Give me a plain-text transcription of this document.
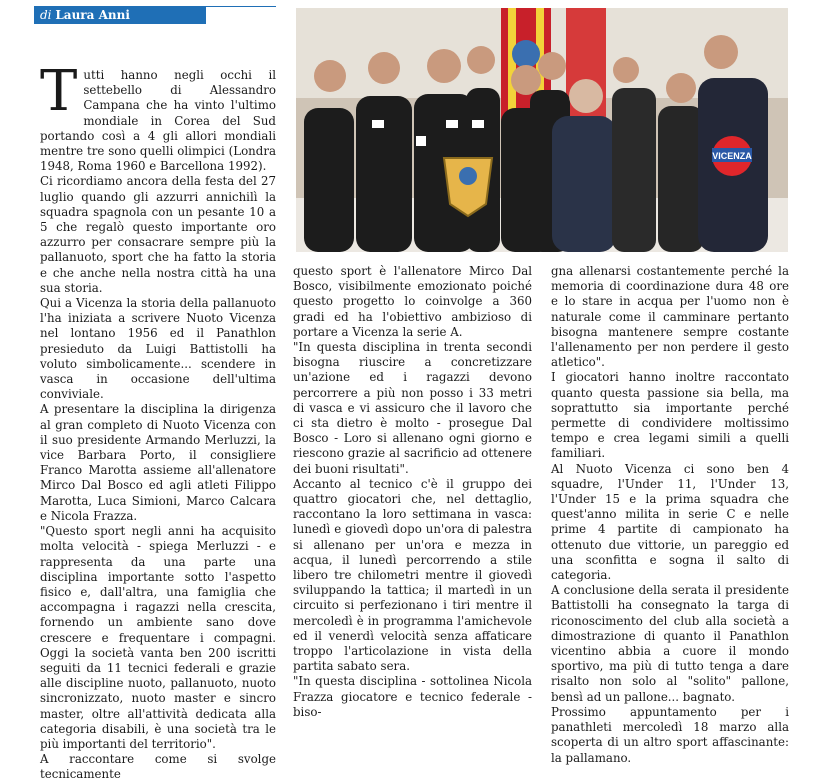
di Laura Anni

Tutti hanno negli occhi il settebello di Alessandro Campana che ha vinto l'ultimo mondiale in Corea del Sud portando così a 4 gli allori mondiali mentre tre sono quelli olimpici (Londra 1948, Roma 1960 e Barcellona 1992).

Ci ricordiamo ancora della festa del 27 luglio quando gli azzurri annichilì la squadra spagnola con un pesante 10 a 5 che regalò questo importante oro azzurro per consacrare sempre più la pallanuoto, sport che ha fatto la storia e che anche nella nostra città ha una sua storia.

Qui a Vicenza la storia della pallanuoto l'ha iniziata a scrivere Nuoto Vicenza nel lontano 1956 ed il Panathlon presieduto da Luigi Battistolli ha voluto simbolicamente... scendere in vasca in occasione dell'ultima conviviale.

A presentare la disciplina la dirigenza al gran completo di Nuoto Vicenza con il suo presidente Armando Merluzzi, la vice Barbara Porto, il consigliere Franco Marotta assieme all'allenatore Mirco Dal Bosco ed agli atleti Filippo Marotta, Luca Simioni, Marco Calcara e Nicola Frazza.

"Questo sport negli anni ha acquisito molta velocità - spiega Merluzzi - e rappresenta da una parte una disciplina importante sotto l'aspetto fisico e, dall'altra, una famiglia che accompagna i ragazzi nella crescita, fornendo un ambiente sano dove crescere e frequentare i compagni. Oggi la società vanta ben 200 iscritti seguiti da 11 tecnici federali e grazie alle discipline nuoto, pallanuoto, nuoto sincronizzato, nuoto master e sincro master, oltre all'attività dedicata alla categoria disabili, è una società tra le più importanti del territorio".

A raccontare come si svolge tecnicamente

questo sport è l'allenatore Mirco Dal Bosco, visibilmente emozionato poiché questo progetto lo coinvolge a 360 gradi ed ha l'obiettivo ambizioso di portare a Vicenza la serie A.

"In questa disciplina in trenta secondi bisogna riuscire a concretizzare un'azione ed i ragazzi devono percorrere a più non posso i 33 metri di vasca e vi assicuro che il lavoro che ci sta dietro è molto - prosegue Dal Bosco - Loro si allenano ogni giorno e riescono grazie al sacrificio ad ottenere dei buoni risultati".

Accanto al tecnico c'è il gruppo dei quattro giocatori che, nel dettaglio, raccontano la loro settimana in vasca: lunedì e giovedì dopo un'ora di palestra si allenano per un'ora e mezza in acqua, il lunedì percorrendo a stile libero tre chilometri mentre il giovedì sviluppando la tattica; il martedì in un circuito si perfezionano i tiri mentre il mercoledì è in programma l'amichevole ed il venerdì velocità senza affaticare troppo l'articolazione in vista della partita sabato sera.

"In questa disciplina - sottolinea Nicola Frazza giocatore e tecnico federale - biso-

gna allenarsi costantemente perché la memoria di coordinazione dura 48 ore e lo stare in acqua per l'uomo non è naturale come il camminare pertanto bisogna mantenere sempre costante l'allenamento per non perdere il gesto atletico".

I giocatori hanno inoltre raccontato quanto questa passione sia bella, ma soprattutto sia importante perché permette di condividere moltissimo tempo e crea legami simili a quelli familiari.

Al Nuoto Vicenza ci sono ben 4 squadre, l'Under 11, l'Under 13, l'Under 15 e la prima squadra che quest'anno milita in serie C e nelle prime 4 partite di campionato ha ottenuto due vittorie, un pareggio ed una sconfitta e sogna il salto di categoria.

A conclusione della serata il presidente Battistolli ha consegnato la targa di riconoscimento del club alla società a dimostrazione di quanto il Panathlon vicentino abbia a cuore il mondo sportivo, ma più di tutto tenga a dare risalto non solo al "solito" pallone, bensì ad un pallone... bagnato.

Prossimo appuntamento per i panathleti mercoledì 18 marzo alla scoperta di un altro sport affascinante: la pallamano.

VICENZA
